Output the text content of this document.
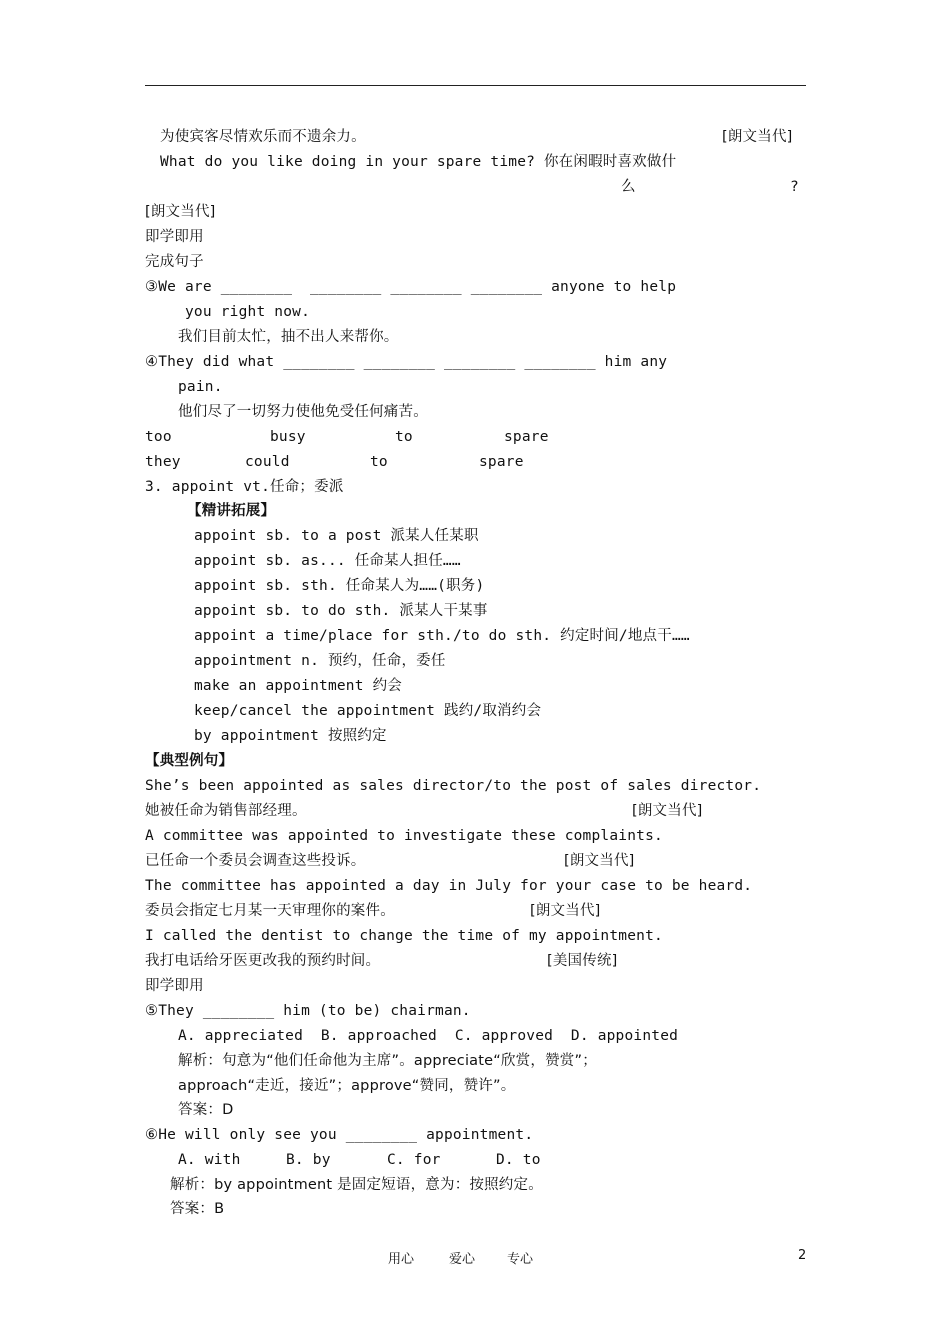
为使宾客尽情欢乐而不遗余力。	[朗文当代]
What do you like doing in your spare time? 你在闲暇时喜欢做什
么	?
[朗文当代]
即学即用
完成句子
③We are ________  ________ ________ ________ anyone to help
you right now.
我们目前太忙，抽不出人来帮你。
④They did what ________ ________ ________ ________ him any
pain.
他们尽了一切努力使他免受任何痛苦。
too	busy	to	spare
they	could	to	spare
3. appoint vt.任命；委派
【精讲拓展】
appoint sb. to a post 派某人任某职
appoint sb. as... 任命某人担任……
appoint sb. sth. 任命某人为……(职务)
appoint sb. to do sth. 派某人干某事
appoint a time/place for sth./to do sth. 约定时间/地点干……
appointment n. 预约，任命，委任
make an appointment 约会
keep/cancel the appointment 践约/取消约会
by appointment 按照约定
【典型例句】
She’s been appointed as sales director/to the post of sales director.
她被任命为销售部经理。	[朗文当代]
A committee was appointed to investigate these complaints.
已任命一个委员会调查这些投诉。	[朗文当代]
The committee has appointed a day in July for your case to be heard.
委员会指定七月某一天审理你的案件。	[朗文当代]
I called the dentist to change the time of my appointment.
我打电话给牙医更改我的预约时间。	[美国传统]
即学即用
⑤They ________ him (to be) chairman.
A. appreciated  B. approached  C. approved  D. appointed
解析：句意为“他们任命他为主席”。appreciate“欣赏，赞赏”；
approach“走近，接近”；approve“赞同，赞许”。
答案：D
⑥He will only see you ________ appointment.
A. with	B. by	C. for	D. to
解析：by appointment 是固定短语，意为：按照约定。
答案：B
用心	爱心 专心	2
